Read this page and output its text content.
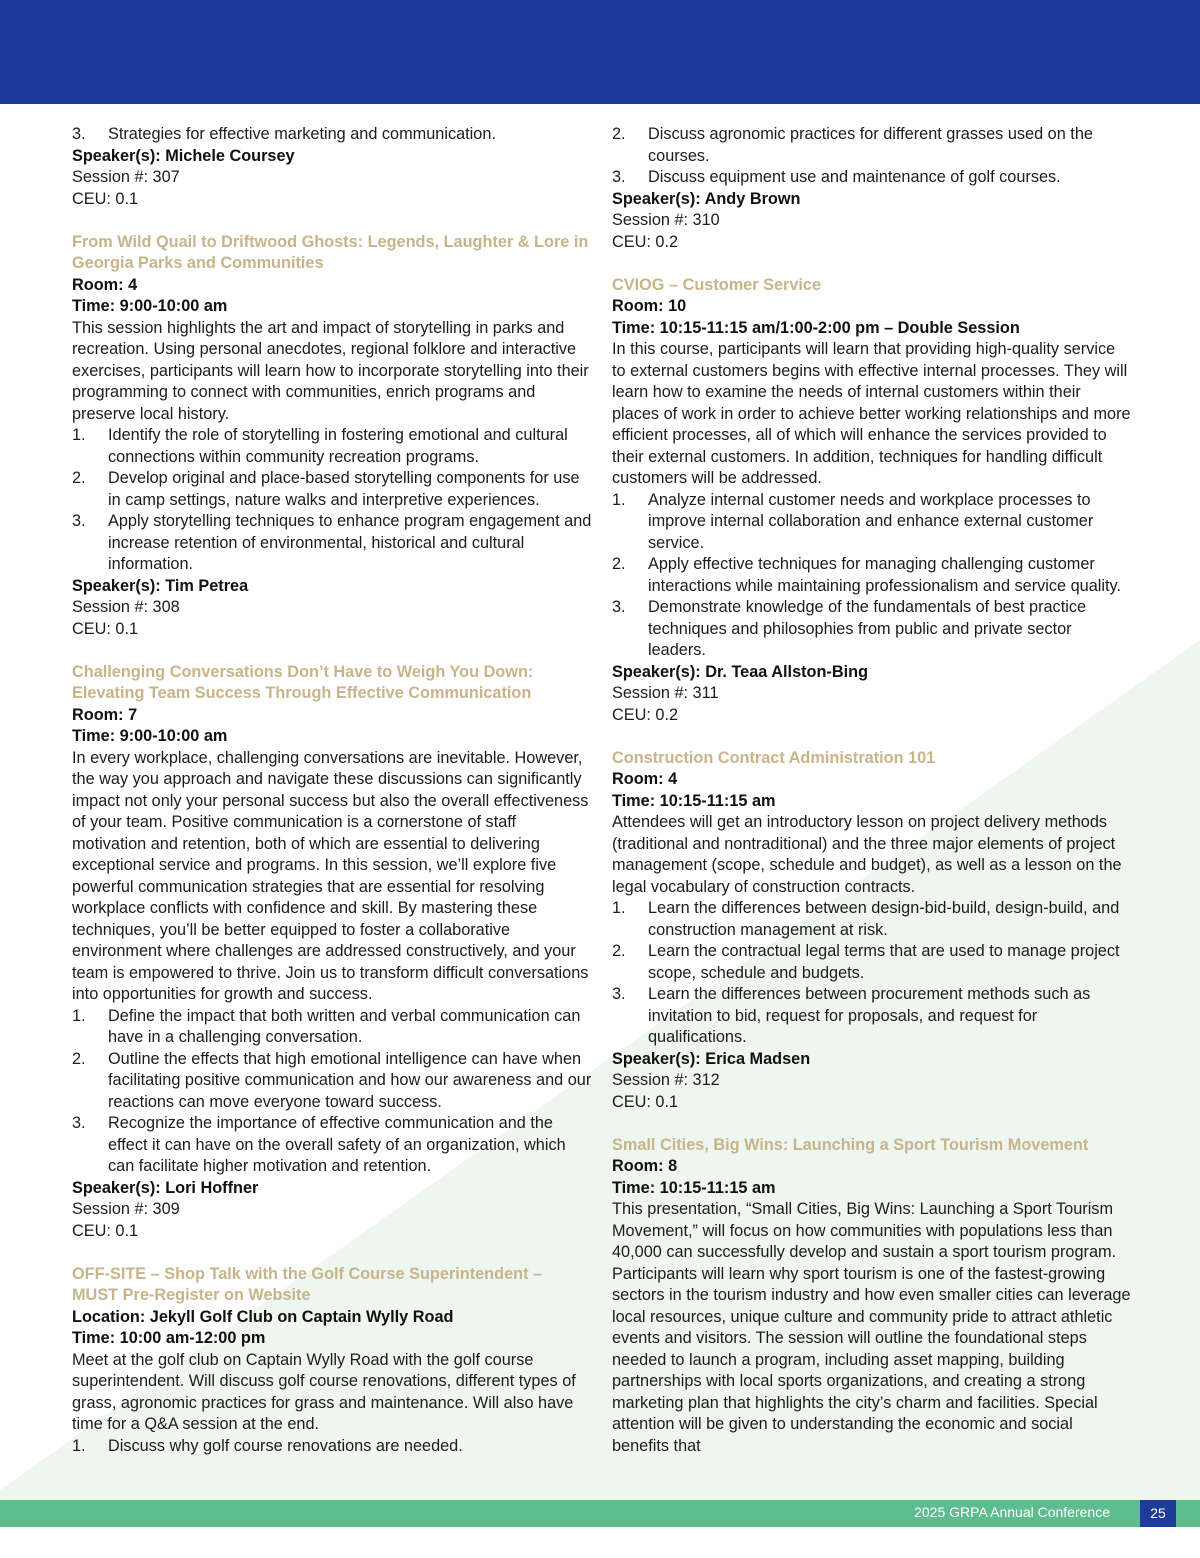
3. Strategies for effective marketing and communication.
Speaker(s): Michele Coursey
Session #: 307
CEU: 0.1
From Wild Quail to Driftwood Ghosts: Legends, Laughter & Lore in Georgia Parks and Communities
Room: 4
Time: 9:00-10:00 am
This session highlights the art and impact of storytelling in parks and recreation. Using personal anecdotes, regional folklore and interactive exercises, participants will learn how to incorporate storytelling into their programming to connect with communities, enrich programs and preserve local history.
1. Identify the role of storytelling in fostering emotional and cultural connections within community recreation programs.
2. Develop original and place-based storytelling components for use in camp settings, nature walks and interpretive experiences.
3. Apply storytelling techniques to enhance program engagement and increase retention of environmental, historical and cultural information.
Speaker(s): Tim Petrea
Session #: 308
CEU: 0.1
Challenging Conversations Don’t Have to Weigh You Down: Elevating Team Success Through Effective Communication
Room: 7
Time: 9:00-10:00 am
In every workplace, challenging conversations are inevitable. However, the way you approach and navigate these discussions can significantly impact not only your personal success but also the overall effectiveness of your team. Positive communication is a cornerstone of staff motivation and retention, both of which are essential to delivering exceptional service and programs. In this session, we’ll explore five powerful communication strategies that are essential for resolving workplace conflicts with confidence and skill. By mastering these techniques, you’ll be better equipped to foster a collaborative environment where challenges are addressed constructively, and your team is empowered to thrive. Join us to transform difficult conversations into opportunities for growth and success.
1. Define the impact that both written and verbal communication can have in a challenging conversation.
2. Outline the effects that high emotional intelligence can have when facilitating positive communication and how our awareness and our reactions can move everyone toward success.
3. Recognize the importance of effective communication and the effect it can have on the overall safety of an organization, which can facilitate higher motivation and retention.
Speaker(s): Lori Hoffner
Session #: 309
CEU: 0.1
OFF-SITE – Shop Talk with the Golf Course Superintendent – MUST Pre-Register on Website
Location: Jekyll Golf Club on Captain Wylly Road
Time: 10:00 am-12:00 pm
Meet at the golf club on Captain Wylly Road with the golf course superintendent. Will discuss golf course renovations, different types of grass, agronomic practices for grass and maintenance. Will also have time for a Q&A session at the end.
1. Discuss why golf course renovations are needed.
2. Discuss agronomic practices for different grasses used on the courses.
3. Discuss equipment use and maintenance of golf courses.
Speaker(s): Andy Brown
Session #: 310
CEU: 0.2
CVIOG – Customer Service
Room: 10
Time: 10:15-11:15 am/1:00-2:00 pm – Double Session
In this course, participants will learn that providing high-quality service to external customers begins with effective internal processes. They will learn how to examine the needs of internal customers within their places of work in order to achieve better working relationships and more efficient processes, all of which will enhance the services provided to their external customers. In addition, techniques for handling difficult customers will be addressed.
1. Analyze internal customer needs and workplace processes to improve internal collaboration and enhance external customer service.
2. Apply effective techniques for managing challenging customer interactions while maintaining professionalism and service quality.
3. Demonstrate knowledge of the fundamentals of best practice techniques and philosophies from public and private sector leaders.
Speaker(s): Dr. Teaa Allston-Bing
Session #: 311
CEU: 0.2
Construction Contract Administration 101
Room: 4
Time: 10:15-11:15 am
Attendees will get an introductory lesson on project delivery methods (traditional and nontraditional) and the three major elements of project management (scope, schedule and budget), as well as a lesson on the legal vocabulary of construction contracts.
1. Learn the differences between design-bid-build, design-build, and construction management at risk.
2. Learn the contractual legal terms that are used to manage project scope, schedule and budgets.
3. Learn the differences between procurement methods such as invitation to bid, request for proposals, and request for qualifications.
Speaker(s): Erica Madsen
Session #: 312
CEU: 0.1
Small Cities, Big Wins: Launching a Sport Tourism Movement
Room: 8
Time: 10:15-11:15 am
This presentation, “Small Cities, Big Wins: Launching a Sport Tourism Movement,” will focus on how communities with populations less than 40,000 can successfully develop and sustain a sport tourism program. Participants will learn why sport tourism is one of the fastest-growing sectors in the tourism industry and how even smaller cities can leverage local resources, unique culture and community pride to attract athletic events and visitors. The session will outline the foundational steps needed to launch a program, including asset mapping, building partnerships with local sports organizations, and creating a strong marketing plan that highlights the city’s charm and facilities. Special attention will be given to understanding the economic and social benefits that
2025 GRPA Annual Conference	25
